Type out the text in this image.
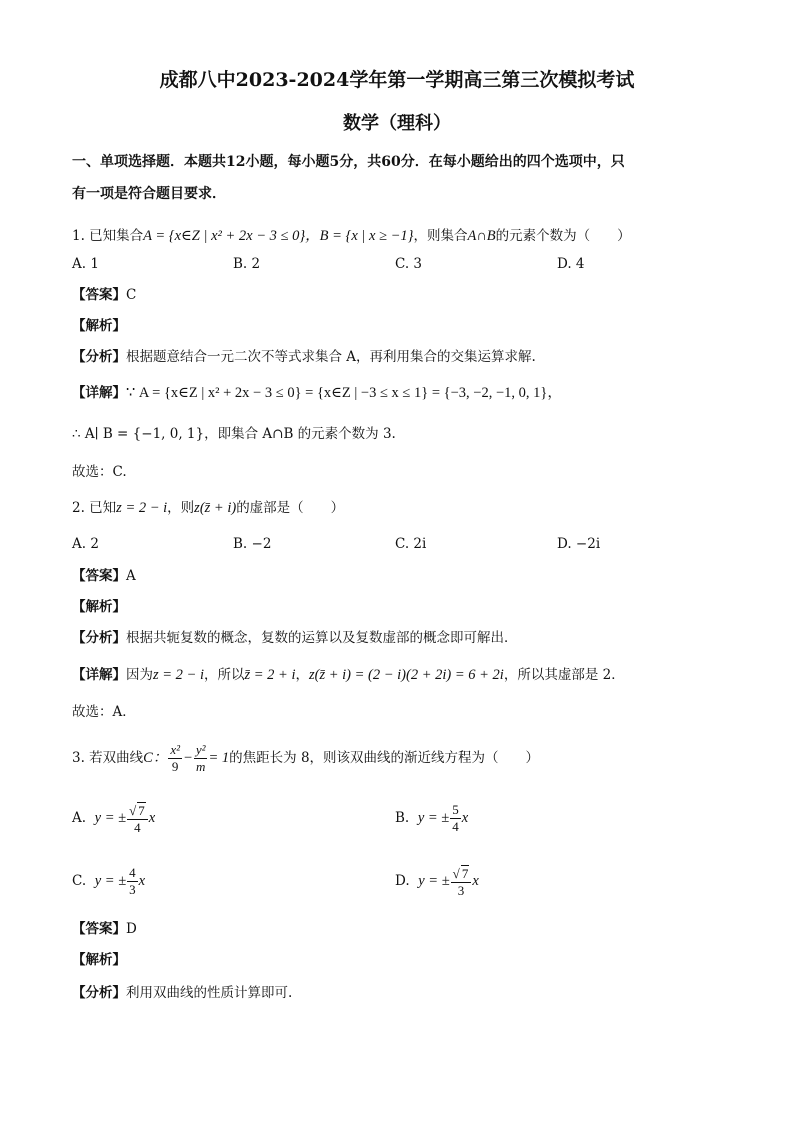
成都八中2023-2024学年第一学期高三第三次模拟考试
数学（理科）
一、单项选择题．本题共12小题，每小题5分，共60分．在每小题给出的四个选项中，只
有一项是符合题目要求．
1. 已知集合A = {x∈Z | x² + 2x − 3 ≤ 0}，B = {x | x ≥ −1}，则集合A∩B的元素个数为（　　）
A. 1	B. 2	C. 3	D. 4
【答案】C
【解析】
【分析】根据题意结合一元二次不等式求集合 A，再利用集合的交集运算求解.
【详解】∵ A = {x∈Z | x² + 2x − 3 ≤ 0} = {x∈Z | −3 ≤ x ≤ 1} = {−3, −2, −1, 0, 1}，
∴ A∣ B = {−1, 0, 1}，即集合 A∩B 的元素个数为 3.
故选：C.
2. 已知z = 2 − i，则z(z̄ + i)的虚部是（　　）
A. 2	B. −2	C. 2i	D. −2i
【答案】A
【解析】
【分析】根据共轭复数的概念，复数的运算以及复数虚部的概念即可解出．
【详解】因为z = 2 − i，所以z̄ = 2 + i，z(z̄ + i) = (2 − i)(2 + 2i) = 6 + 2i，所以其虚部是 2．
故选：A．
3. 若双曲线C： $\frac{\text{x²}}{9} - \frac{\text{y²}}{m} = 1$的焦距长为 8，则该双曲线的渐近线方程为（　　）
A. y = ± $\frac{√ 7}{4}$ x	B. y = ± $\frac{5}{4}$ x
C. y = ± $\frac{4}{3}$ x	D. y = ± $\frac{√ 7}{3}$ x
【答案】D
【解析】
【分析】利用双曲线的性质计算即可.
